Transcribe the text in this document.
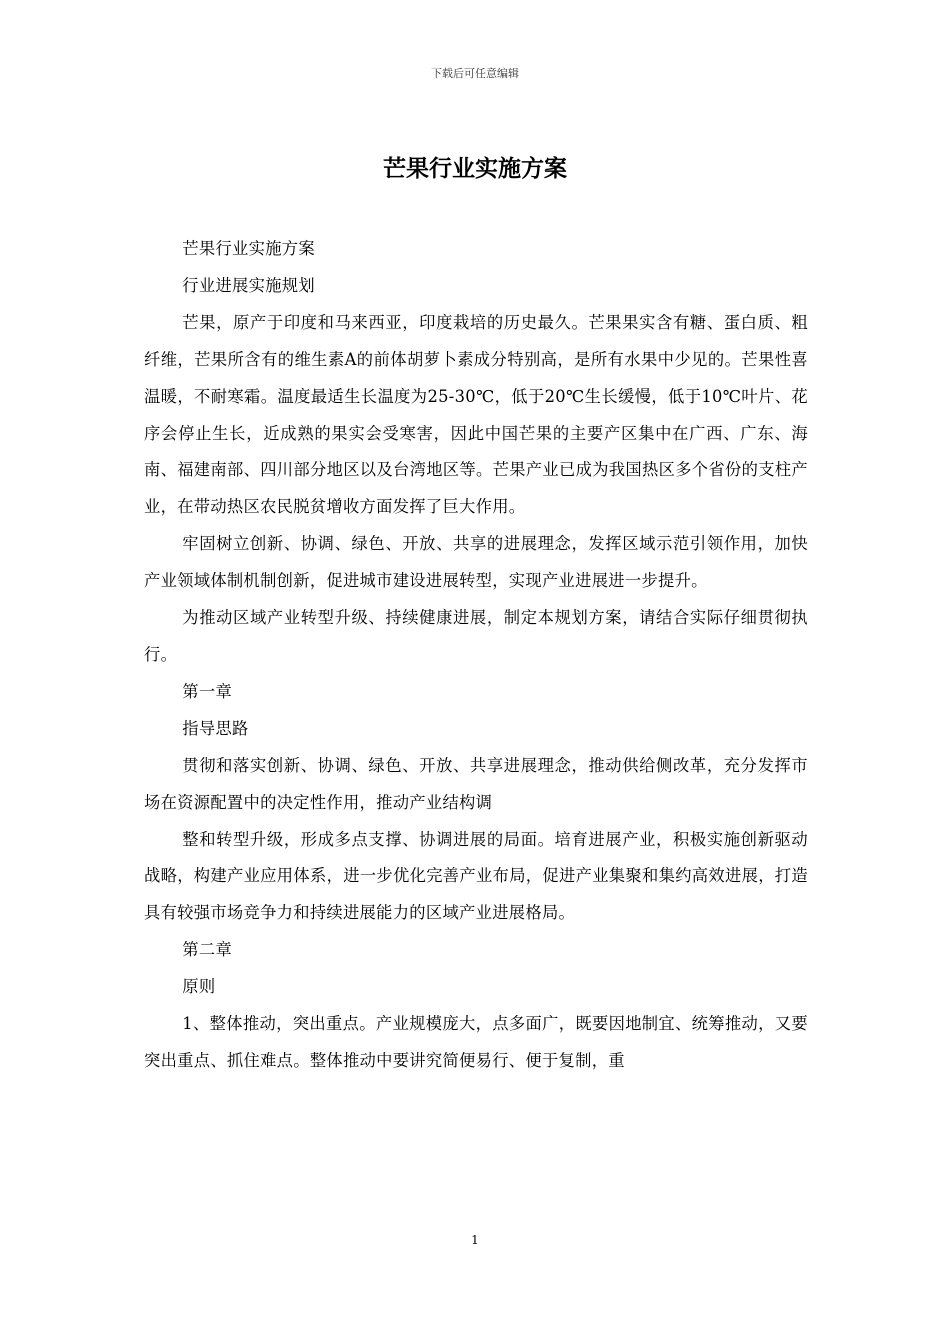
下载后可任意编辑
芒果行业实施方案

芒果行业实施方案

行业进展实施规划

芒果，原产于印度和马来西亚，印度栽培的历史最久。芒果果实含有糖、蛋白质、粗纤维，芒果所含有的维生素A的前体胡萝卜素成分特别高，是所有水果中少见的。芒果性喜温暖，不耐寒霜。温度最适生长温度为25-30℃，低于20℃生长缓慢，低于10℃叶片、花序会停止生长，近成熟的果实会受寒害，因此中国芒果的主要产区集中在广西、广东、海南、福建南部、四川部分地区以及台湾地区等。芒果产业已成为我国热区多个省份的支柱产业，在带动热区农民脱贫增收方面发挥了巨大作用。

牢固树立创新、协调、绿色、开放、共享的进展理念，发挥区域示范引领作用，加快产业领域体制机制创新，促进城市建设进展转型，实现产业进展进一步提升。

为推动区域产业转型升级、持续健康进展，制定本规划方案，请结合实际仔细贯彻执行。

第一章

指导思路

贯彻和落实创新、协调、绿色、开放、共享进展理念，推动供给侧改革，充分发挥市场在资源配置中的决定性作用，推动产业结构调

整和转型升级，形成多点支撑、协调进展的局面。培育进展产业，积极实施创新驱动战略，构建产业应用体系，进一步优化完善产业布局，促进产业集聚和集约高效进展，打造具有较强市场竞争力和持续进展能力的区域产业进展格局。

第二章

原则

1、整体推动，突出重点。产业规模庞大，点多面广，既要因地制宜、统筹推动，又要突出重点、抓住难点。整体推动中要讲究简便易行、便于复制，重

1
